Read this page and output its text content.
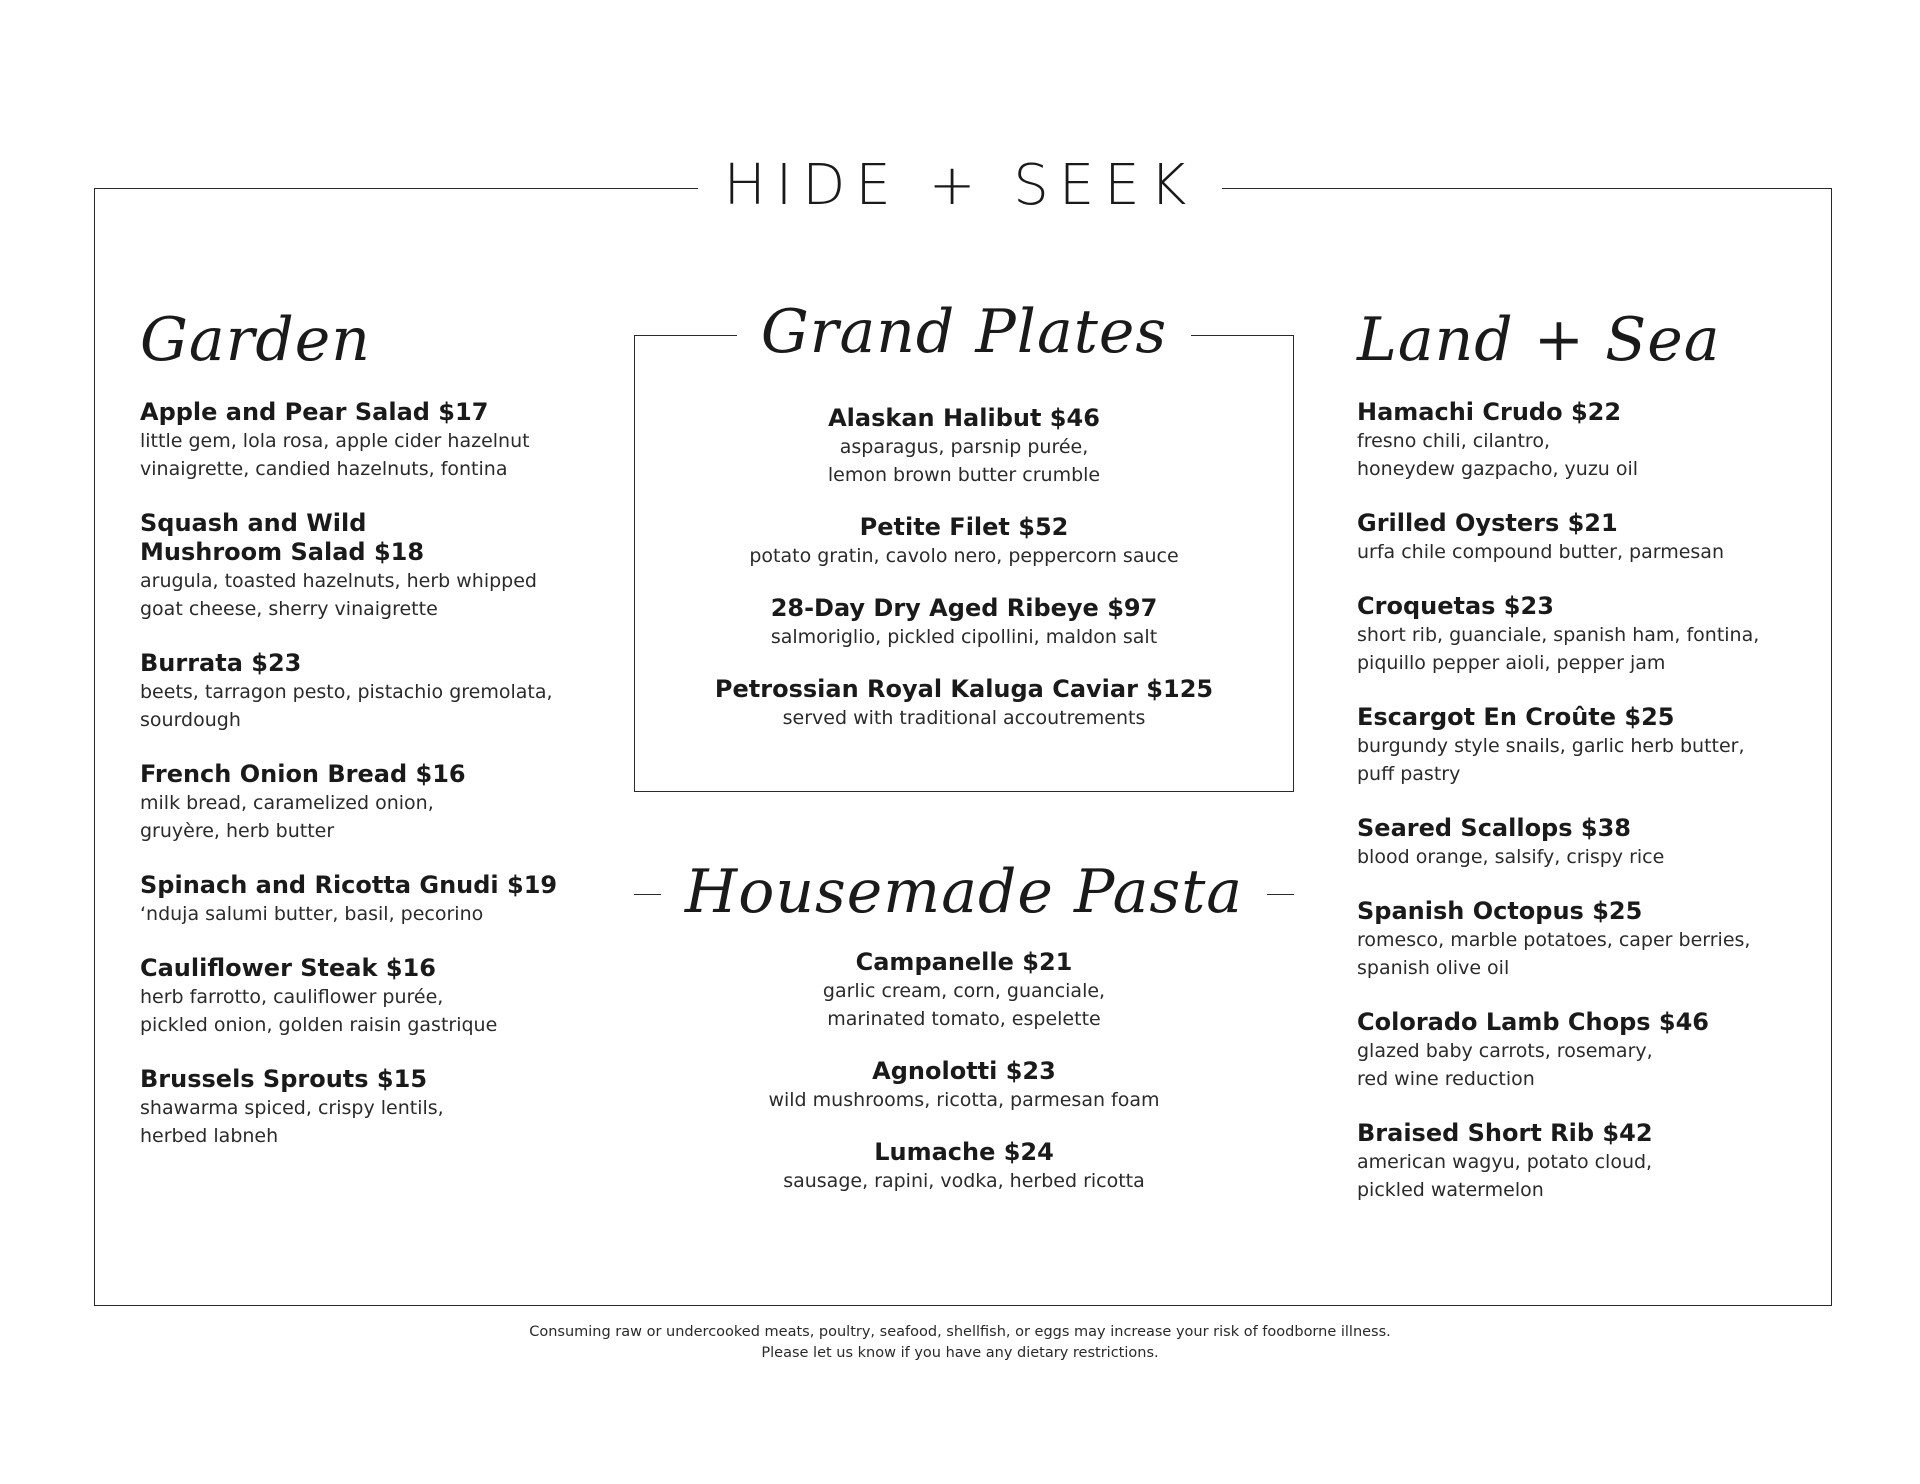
HIDE + SEEK
Garden
Apple and Pear Salad $17
little gem, lola rosa, apple cider hazelnut
vinaigrette, candied hazelnuts, fontina
Squash and Wild
Mushroom Salad $18
arugula, toasted hazelnuts, herb whipped
goat cheese, sherry vinaigrette
Burrata $23
beets, tarragon pesto, pistachio gremolata,
sourdough
French Onion Bread $16
milk bread, caramelized onion,
gruyère, herb butter
Spinach and Ricotta Gnudi $19
‘nduja salumi butter, basil, pecorino
Cauliflower Steak $16
herb farrotto, cauliflower purée,
pickled onion, golden raisin gastrique
Brussels Sprouts $15
shawarma spiced, crispy lentils,
herbed labneh
Grand Plates
Alaskan Halibut $46
asparagus, parsnip purée,
lemon brown butter crumble
Petite Filet $52
potato gratin, cavolo nero, peppercorn sauce
28-Day Dry Aged Ribeye $97
salmoriglio, pickled cipollini, maldon salt
Petrossian Royal Kaluga Caviar $125
served with traditional accoutrements
Housemade Pasta
Campanelle $21
garlic cream, corn, guanciale,
marinated tomato, espelette
Agnolotti $23
wild mushrooms, ricotta, parmesan foam
Lumache $24
sausage, rapini, vodka, herbed ricotta
Land + Sea
Hamachi Crudo $22
fresno chili, cilantro,
honeydew gazpacho, yuzu oil
Grilled Oysters $21
urfa chile compound butter, parmesan
Croquetas $23
short rib, guanciale, spanish ham, fontina,
piquillo pepper aioli, pepper jam
Escargot En Croûte $25
burgundy style snails, garlic herb butter,
puff pastry
Seared Scallops $38
blood orange, salsify, crispy rice
Spanish Octopus $25
romesco, marble potatoes, caper berries,
spanish olive oil
Colorado Lamb Chops $46
glazed baby carrots, rosemary,
red wine reduction
Braised Short Rib $42
american wagyu, potato cloud,
pickled watermelon
Consuming raw or undercooked meats, poultry, seafood, shellfish, or eggs may increase your risk of foodborne illness.
Please let us know if you have any dietary restrictions.
